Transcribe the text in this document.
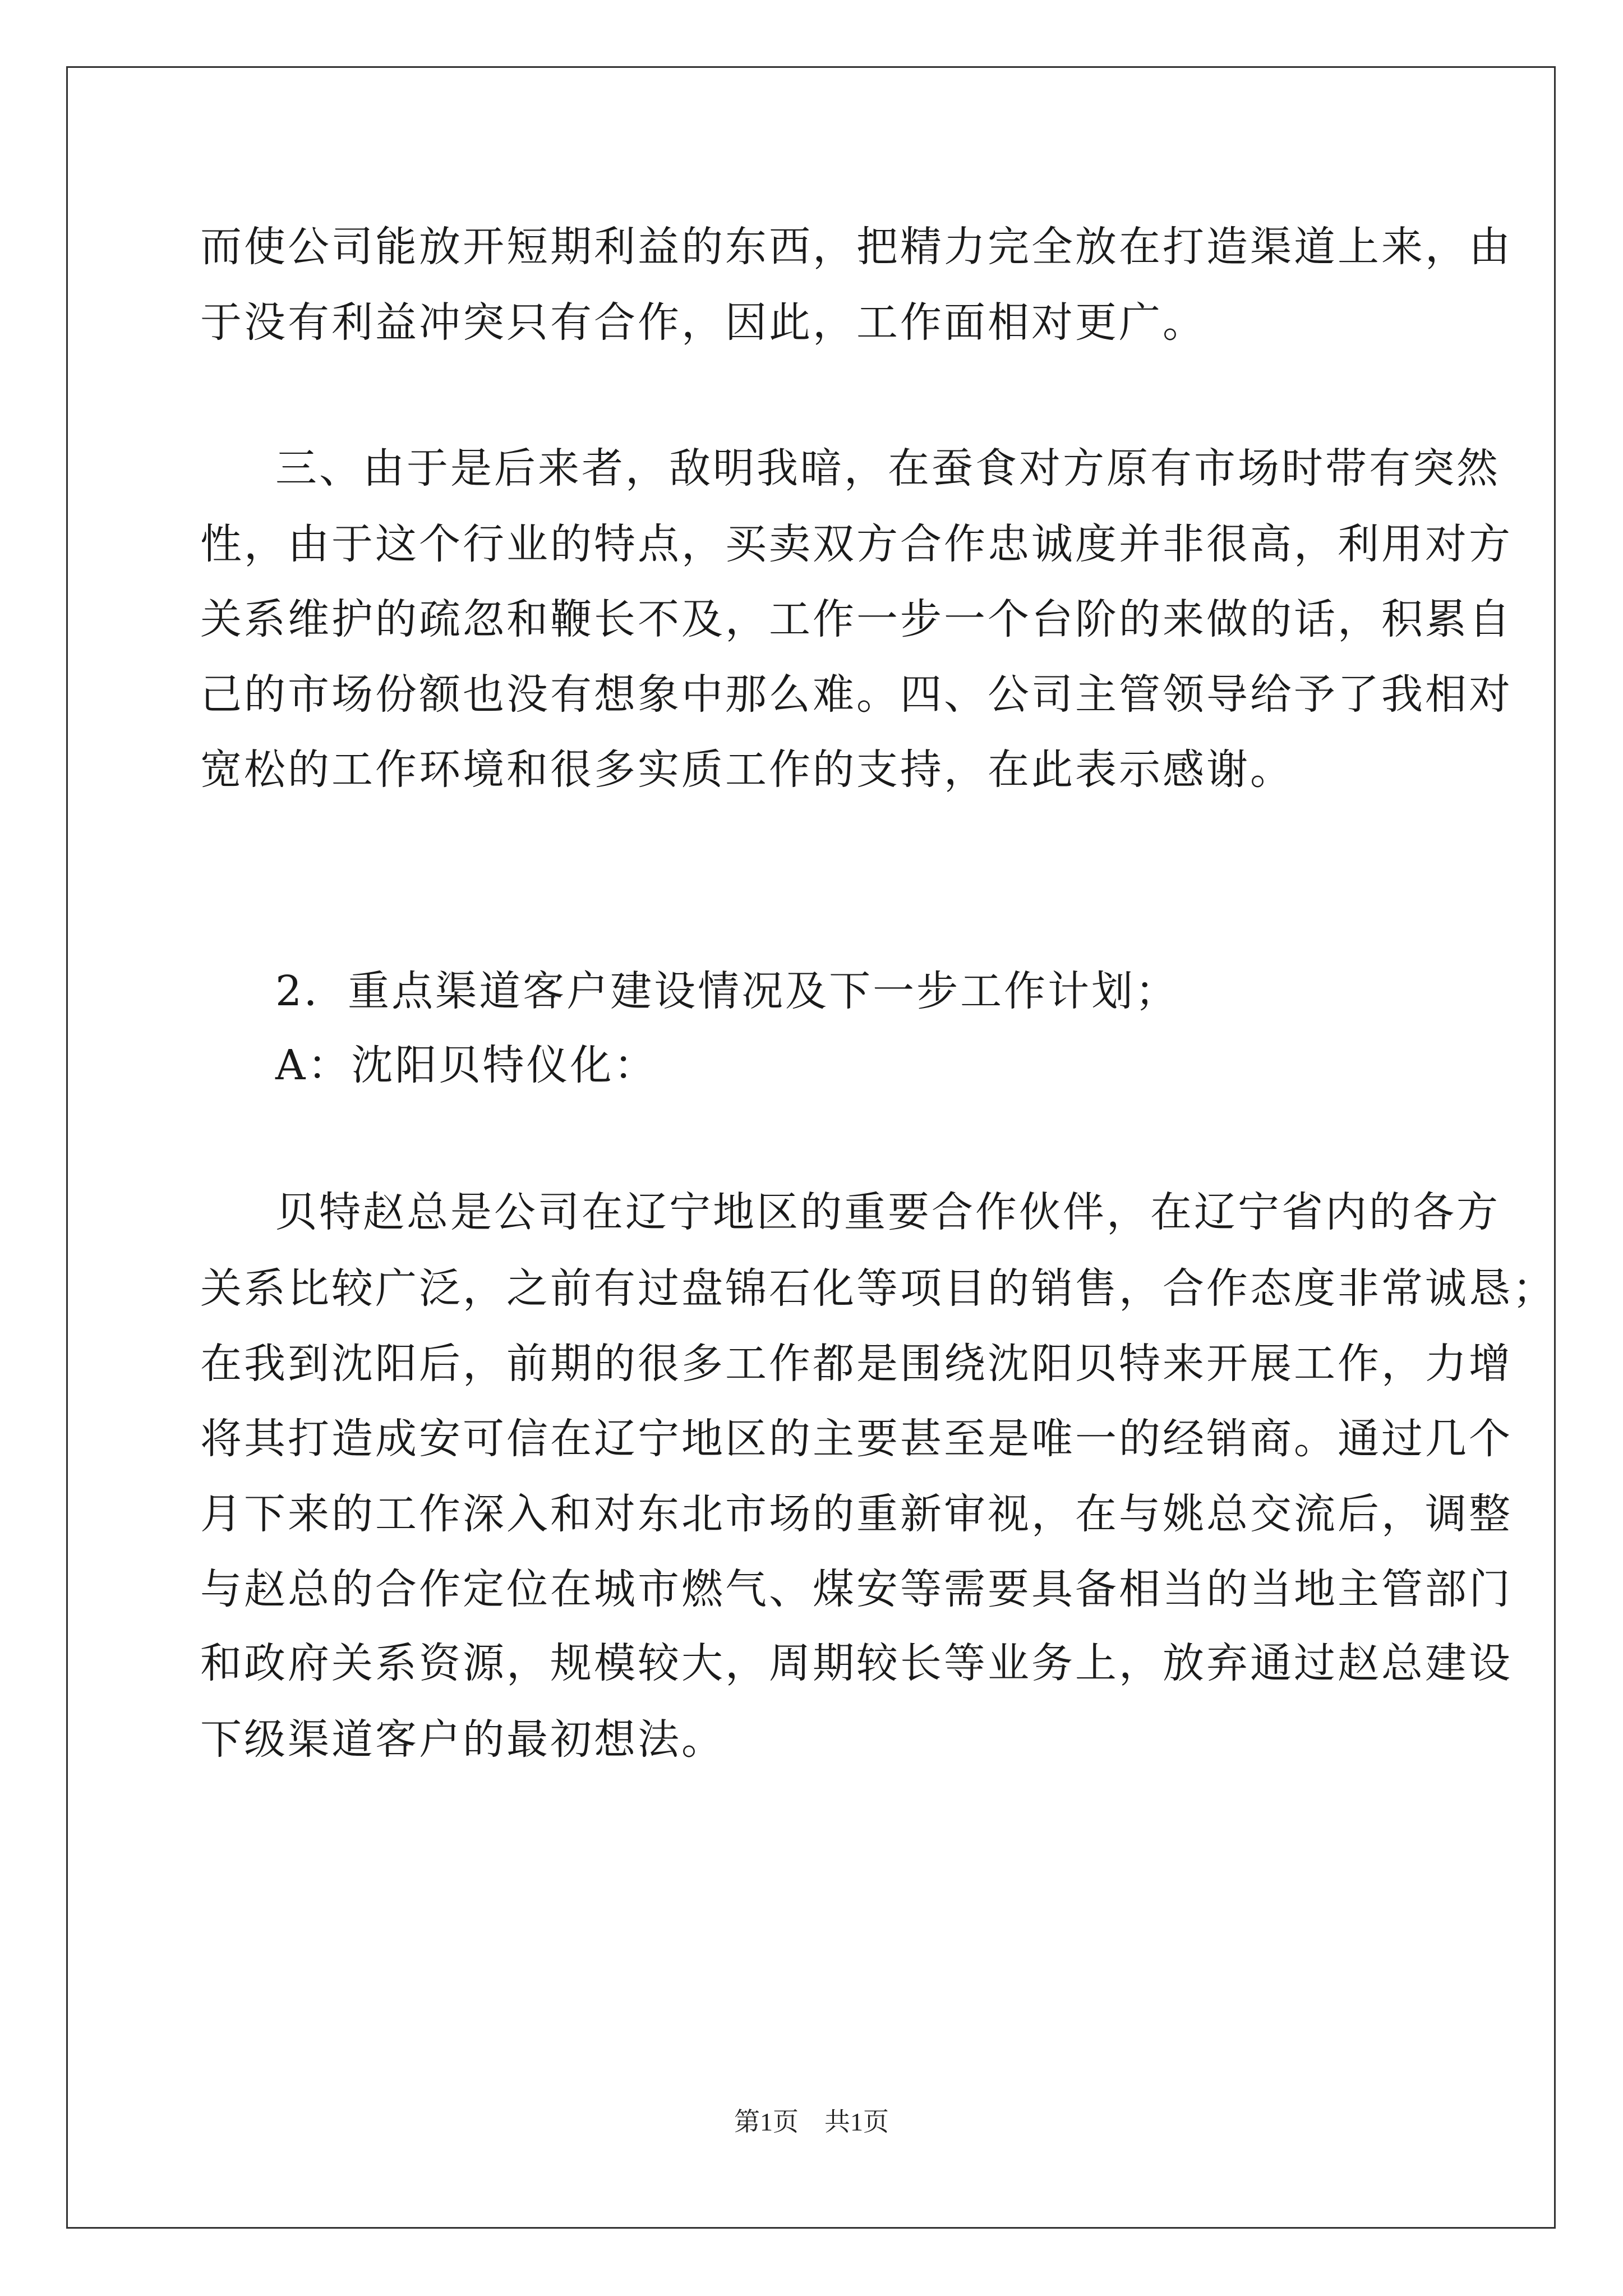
而使公司能放开短期利益的东西，把精力完全放在打造渠道上来，由
于没有利益冲突只有合作，因此，工作面相对更广。
三、由于是后来者，敌明我暗，在蚕食对方原有市场时带有突然
性，由于这个行业的特点，买卖双方合作忠诚度并非很高，利用对方
关系维护的疏忽和鞭长不及，工作一步一个台阶的来做的话，积累自
己的市场份额也没有想象中那么难。四、公司主管领导给予了我相对
宽松的工作环境和很多实质工作的支持，在此表示感谢。
2．重点渠道客户建设情况及下一步工作计划；
A：沈阳贝特仪化：
贝特赵总是公司在辽宁地区的重要合作伙伴，在辽宁省内的各方
关系比较广泛，之前有过盘锦石化等项目的销售，合作态度非常诚恳；
在我到沈阳后，前期的很多工作都是围绕沈阳贝特来开展工作，力增
将其打造成安可信在辽宁地区的主要甚至是唯一的经销商。通过几个
月下来的工作深入和对东北市场的重新审视，在与姚总交流后，调整
与赵总的合作定位在城市燃气、煤安等需要具备相当的当地主管部门
和政府关系资源，规模较大，周期较长等业务上，放弃通过赵总建设
下级渠道客户的最初想法。
第1页　共1页
